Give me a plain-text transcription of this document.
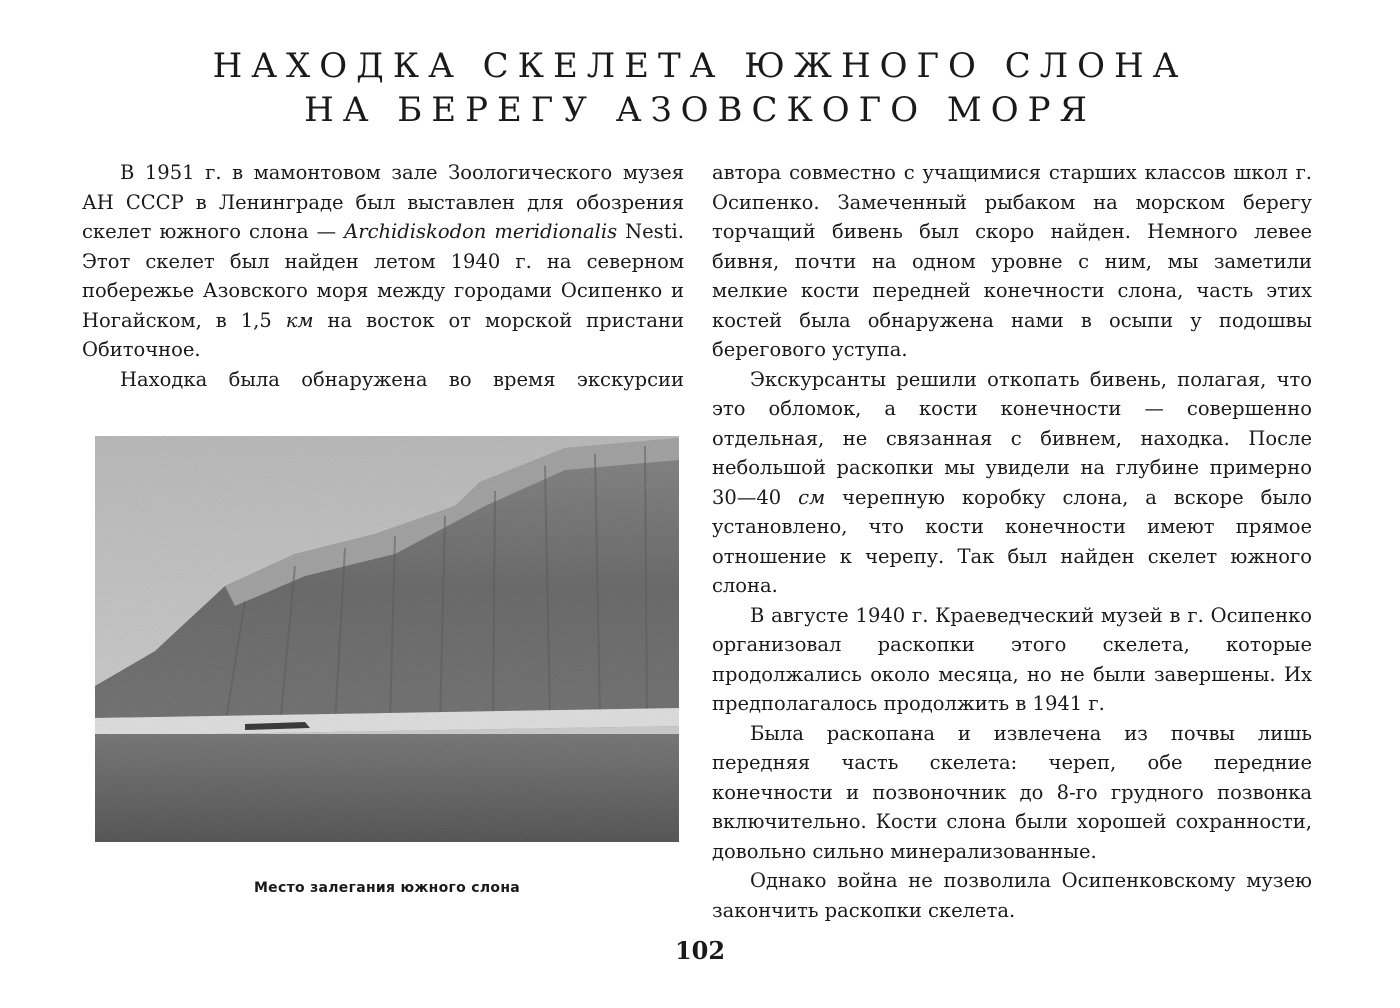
НАХОДКА СКЕЛЕТА ЮЖНОГО СЛОНА
НА БЕРЕГУ АЗОВСКОГО МОРЯ

В 1951 г. в мамонтовом зале Зоологического музея АН СССР в Ленинграде был выставлен для обозрения скелет южного слона — Archidiskodon meridionalis Nesti. Этот скелет был найден летом 1940 г. на северном побережье Азовского моря между городами Осипенко и Ногайском, в 1,5 км на восток от морской пристани Обиточное.

Находка была обнаружена во время экскурсии

Место залегания южного слона

автора совместно с учащимися старших классов школ г. Осипенко. Замеченный рыбаком на морском берегу торчащий бивень был скоро найден. Немного левее бивня, почти на одном уровне с ним, мы заметили мелкие кости передней конечности слона, часть этих костей была обнаружена нами в осыпи у подошвы берегового уступа.

Экскурсанты решили откопать бивень, полагая, что это обломок, а кости конечности — совершенно отдельная, не связанная с бивнем, находка. После небольшой раскопки мы увидели на глубине примерно 30—40 см черепную коробку слона, а вскоре было установлено, что кости конечности имеют прямое отношение к черепу. Так был найден скелет южного слона.

В августе 1940 г. Краеведческий музей в г. Осипенко организовал раскопки этого скелета, которые продолжались около месяца, но не были завершены. Их предполагалось продолжить в 1941 г.

Была раскопана и извлечена из почвы лишь передняя часть скелета: череп, обе передние конечности и позвоночник до 8-го грудного позвонка включительно. Кости слона были хорошей сохранности, довольно сильно минерализованные.

Однако война не позволила Осипенковскому музею закончить раскопки скелета.

102
